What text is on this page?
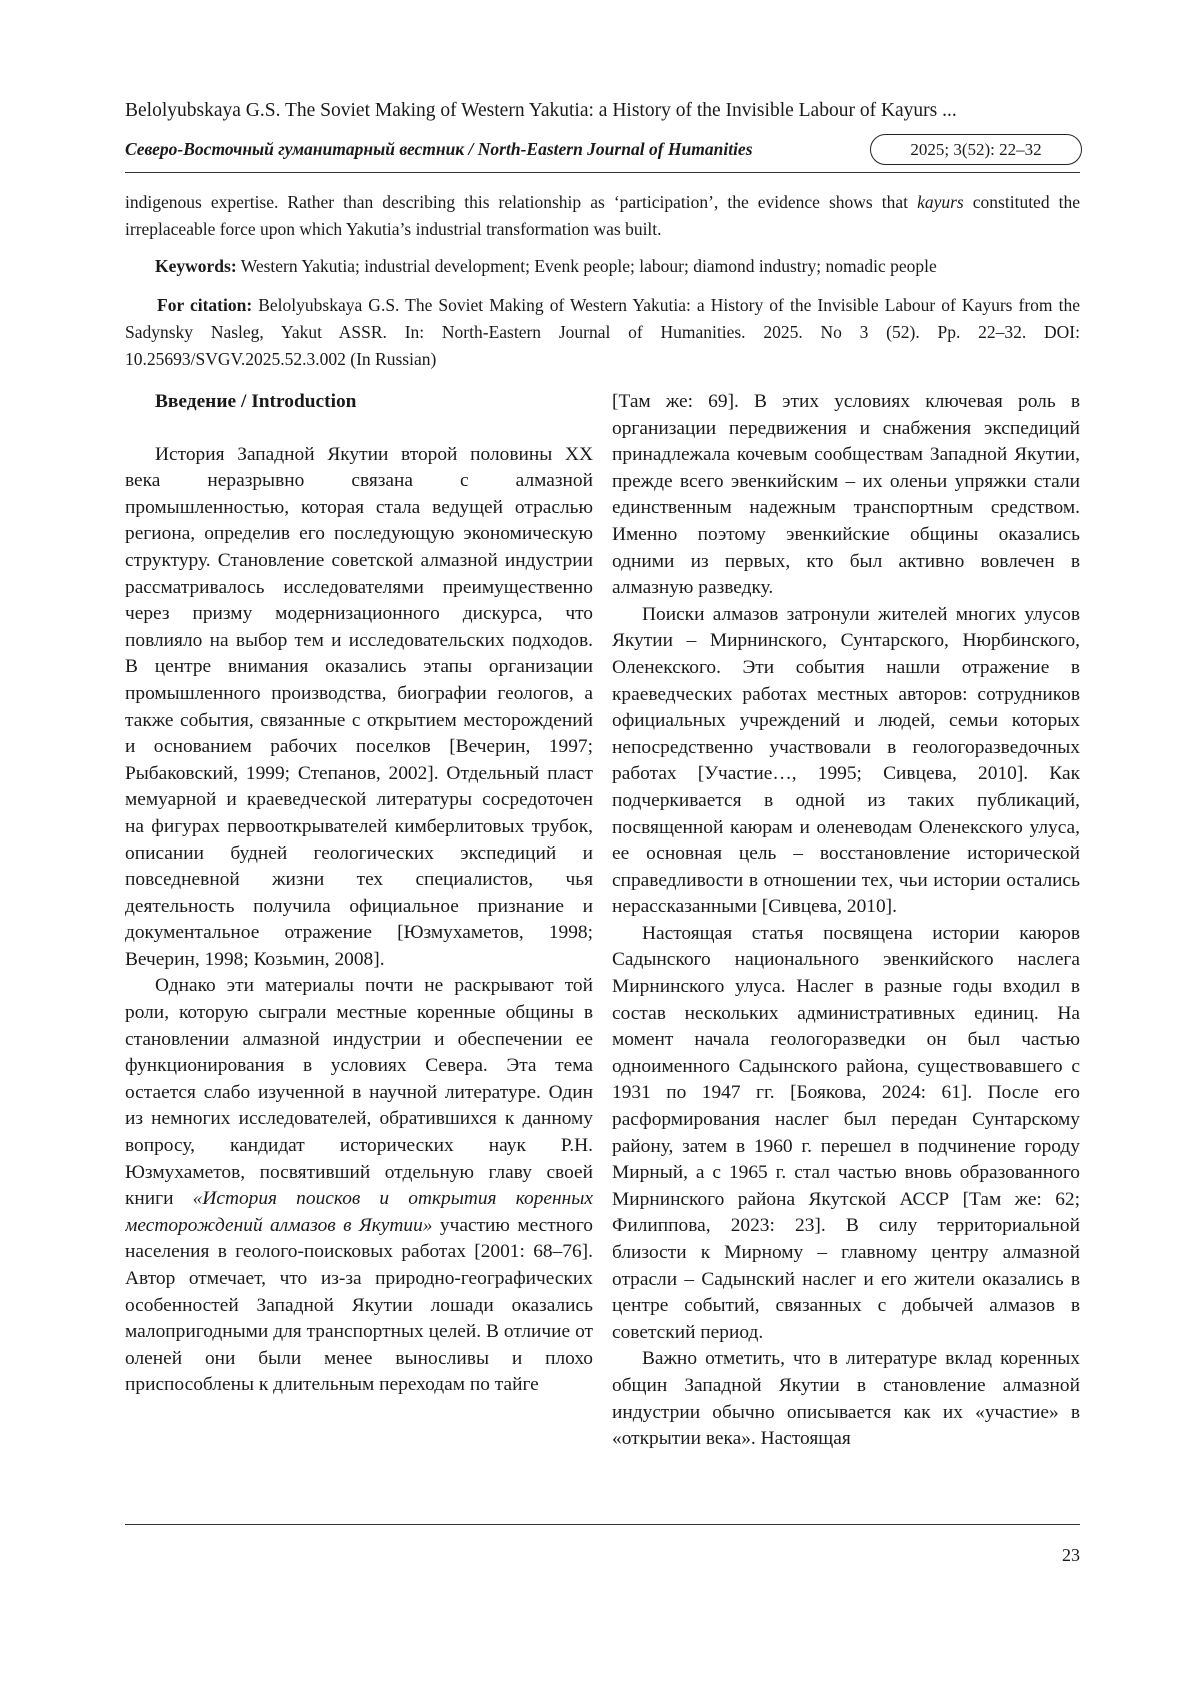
Belolyubskaya G.S. The Soviet Making of Western Yakutia: a History of the Invisible Labour of Kayurs ...
Северо-Восточный гуманитарный вестник / North-Eastern Journal of Humanities	2025; 3(52): 22–32
indigenous expertise. Rather than describing this relationship as ‘participation’, the evidence shows that kayurs constituted the irreplaceable force upon which Yakutia’s industrial transformation was built.
Keywords: Western Yakutia; industrial development; Evenk people; labour; diamond industry; nomadic people
For citation: Belolyubskaya G.S. The Soviet Making of Western Yakutia: a History of the Invisible Labour of Kayurs from the Sadynsky Nasleg, Yakut ASSR. In: North-Eastern Journal of Humanities. 2025. No 3 (52). Pp. 22–32. DOI: 10.25693/SVGV.2025.52.3.002 (In Russian)
Введение / Introduction

История Западной Якутии второй половины XX века неразрывно связана с алмазной промышленностью, которая стала ведущей отраслью региона, определив его последующую экономическую структуру. Становление советской алмазной индустрии рассматривалось исследователями преимущественно через призму модернизационного дискурса, что повлияло на выбор тем и исследовательских подходов. В центре внимания оказались этапы организации промышленного производства, биографии геологов, а также события, связанные с открытием месторождений и основанием рабочих поселков [Вечерин, 1997; Рыбаковский, 1999; Степанов, 2002]. Отдельный пласт мемуарной и краеведческой литературы сосредоточен на фигурах первооткрывателей кимберлитовых трубок, описании будней геологических экспедиций и повседневной жизни тех специалистов, чья деятельность получила официальное признание и документальное отражение [Юзмухаметов, 1998; Вечерин, 1998; Козьмин, 2008].

Однако эти материалы почти не раскрывают той роли, которую сыграли местные коренные общины в становлении алмазной индустрии и обеспечении ее функционирования в условиях Севера. Эта тема остается слабо изученной в научной литературе. Один из немногих исследователей, обратившихся к данному вопросу, кандидат исторических наук Р.Н. Юзмухаметов, посвятивший отдельную главу своей книги «История поисков и открытия коренных месторождений алмазов в Якутии» участию местного населения в геолого-поисковых работах [2001: 68–76]. Автор отмечает, что из-за природно-географических особенностей Западной Якутии лошади оказались малопригодными для транспортных целей. В отличие от оленей они были менее выносливы и плохо приспособлены к длительным переходам по тайге

[Там же: 69]. В этих условиях ключевая роль в организации передвижения и снабжения экспедиций принадлежала кочевым сообществам Западной Якутии, прежде всего эвенкийским – их оленьи упряжки стали единственным надежным транспортным средством. Именно поэтому эвенкийские общины оказались одними из первых, кто был активно вовлечен в алмазную разведку.

Поиски алмазов затронули жителей многих улусов Якутии – Мирнинского, Сунтарского, Нюрбинского, Оленекского. Эти события нашли отражение в краеведческих работах местных авторов: сотрудников официальных учреждений и людей, семьи которых непосредственно участвовали в геологоразведочных работах [Участие…, 1995; Сивцева, 2010]. Как подчеркивается в одной из таких публикаций, посвященной каюрам и оленеводам Оленекского улуса, ее основная цель – восстановление исторической справедливости в отношении тех, чьи истории остались нерассказанными [Сивцева, 2010].

Настоящая статья посвящена истории каюров Садынского национального эвенкийского наслега Мирнинского улуса. Наслег в разные годы входил в состав нескольких административных единиц. На момент начала геологоразведки он был частью одноименного Садынского района, существовавшего с 1931 по 1947 гг. [Боякова, 2024: 61]. После его расформирования наслег был передан Сунтарскому району, затем в 1960 г. перешел в подчинение городу Мирный, а с 1965 г. стал частью вновь образованного Мирнинского района Якутской АССР [Там же: 62; Филиппова, 2023: 23]. В силу территориальной близости к Мирному – главному центру алмазной отрасли – Садынский наслег и его жители оказались в центре событий, связанных с добычей алмазов в советский период.

Важно отметить, что в литературе вклад коренных общин Западной Якутии в становление алмазной индустрии обычно описывается как их «участие» в «открытии века». Настоящая

23
